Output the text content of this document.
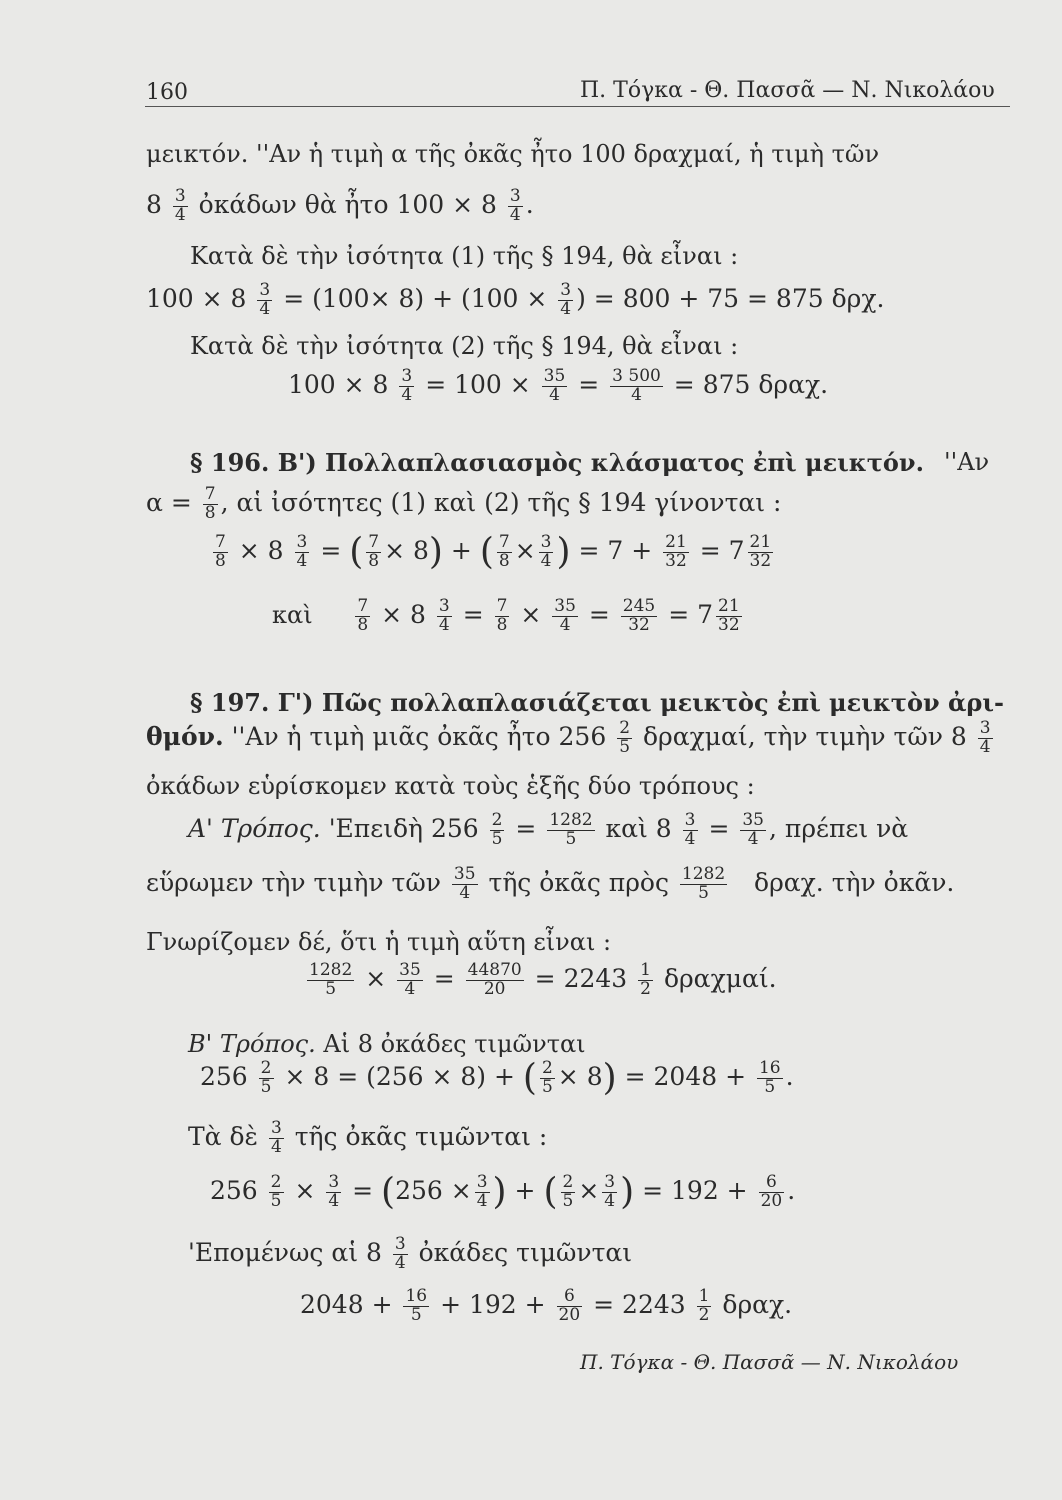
160	Π. Τόγκα - Θ. Πασσᾶ — Ν. Νικολάου
μεικτόν. ''Αν ἡ τιμὴ α τῆς ὀκᾶς ἦτο 100 δραχμαί, ἡ τιμὴ τῶν
$8 \frac{3}{4}$ ὀκάδων θὰ ἦτο $100 \times 8 \frac{3}{4}$ .
Κατὰ δὲ τὴν ἰσότητα (1) τῆς § 194, θὰ εἶναι :
$100 \times 8 \frac{3}{4} = (100\times 8) + (100 \times \frac{3}{4}$ ) = 800 + 75 = 875 δρχ.
Κατὰ δὲ τὴν ἰσότητα (2) τῆς § 194, θὰ εἶναι :
$100 \times 8 \frac{3}{4} = 100 \times \frac{35}{4} = \frac{3 500}{4} = 875$ δραχ.
§ 196. Β') Πολλαπλασιασμὸς κλάσματος ἐπὶ μεικτόν. ''Αν
$\alpha = \frac{7}{8}$ , αἱ ἰσότητες (1) καὶ (2) τῆς § 194 γίνονται :
$\frac{7}{8} \times 8 \frac{3}{4}$ = ( $\frac{7}{8} \times 8$) + ( $\frac{7}{8} \times \frac{3}{4}$ ) = $7 + \frac{21}{32} = 7 \frac{21}{32}$
καὶ	$\frac{7}{8} \times 8 \frac{3}{4} = \frac{7}{8} \times \frac{35}{4} = \frac{245}{32} = 7 \frac{21}{32}$
§ 197. Γ') Πῶς πολλαπλασιάζεται μεικτὸς ἐπὶ μεικτὸν ἀρι-
θμόν. ''Αν ἡ τιμὴ μιᾶς ὀκᾶς ἦτο $256 \frac{2}{5} \delta\rho\alpha\chi\mu\alpha ί$, τὴν τιμὴν τῶν $8 \frac{3}{4}$
ὀκάδων εὑρίσκομεν κατὰ τοὺς ἑξῆς δύο τρόπους :
Α' Τρόπος. 'Επειδὴ $256 \frac{2}{5} = \frac{1282}{5}$ καὶ $8 \frac{3}{4} = \frac{35}{4}$ , πρέπει νὰ
εὕρωμεν τὴν τιμὴν τῶν $\frac{35}{4}$ τῆς ὀκᾶς πρὸς $\frac{1282}{5} \delta\rho\alpha\chi$. τὴν ὀκᾶν.
Γνωρίζομεν δέ, ὅτι ἡ τιμὴ αὕτη εἶναι :
$\frac{1282}{5} \times \frac{35}{4} = \frac{44870}{20} = 2243 \frac{1}{2} \delta\rho\alpha\chi\mu\alpha ί$.
Β' Τρόπος. Αἱ 8 ὀκάδες τιμῶνται
$256 \frac{2}{5} \times 8 = (256 \times 8)$ + ( $\frac{2}{5} \times 8) = 2048 + \frac{16}{5}$ .
Τὰ δὲ $\frac{3}{4}$ τῆς ὀκᾶς τιμῶνται :
$256 \frac{2}{5} \times \frac{3}{4} = (256 \times \frac{3}{4}$ ) + ( $\frac{2}{5} \times \frac{3}{4}$ ) = $192 + \frac{6}{20}$ .
'Επομένως αἱ $8 \frac{3}{4}$ ὀκάδες τιμῶνται
$2048 + \frac{16}{5} + 192 + \frac{6}{20} = 2243 \frac{1}{2} \delta\rho\alpha\chi$.
Π. Τόγκα - Θ. Πασσᾶ — Ν. Νικολάου
